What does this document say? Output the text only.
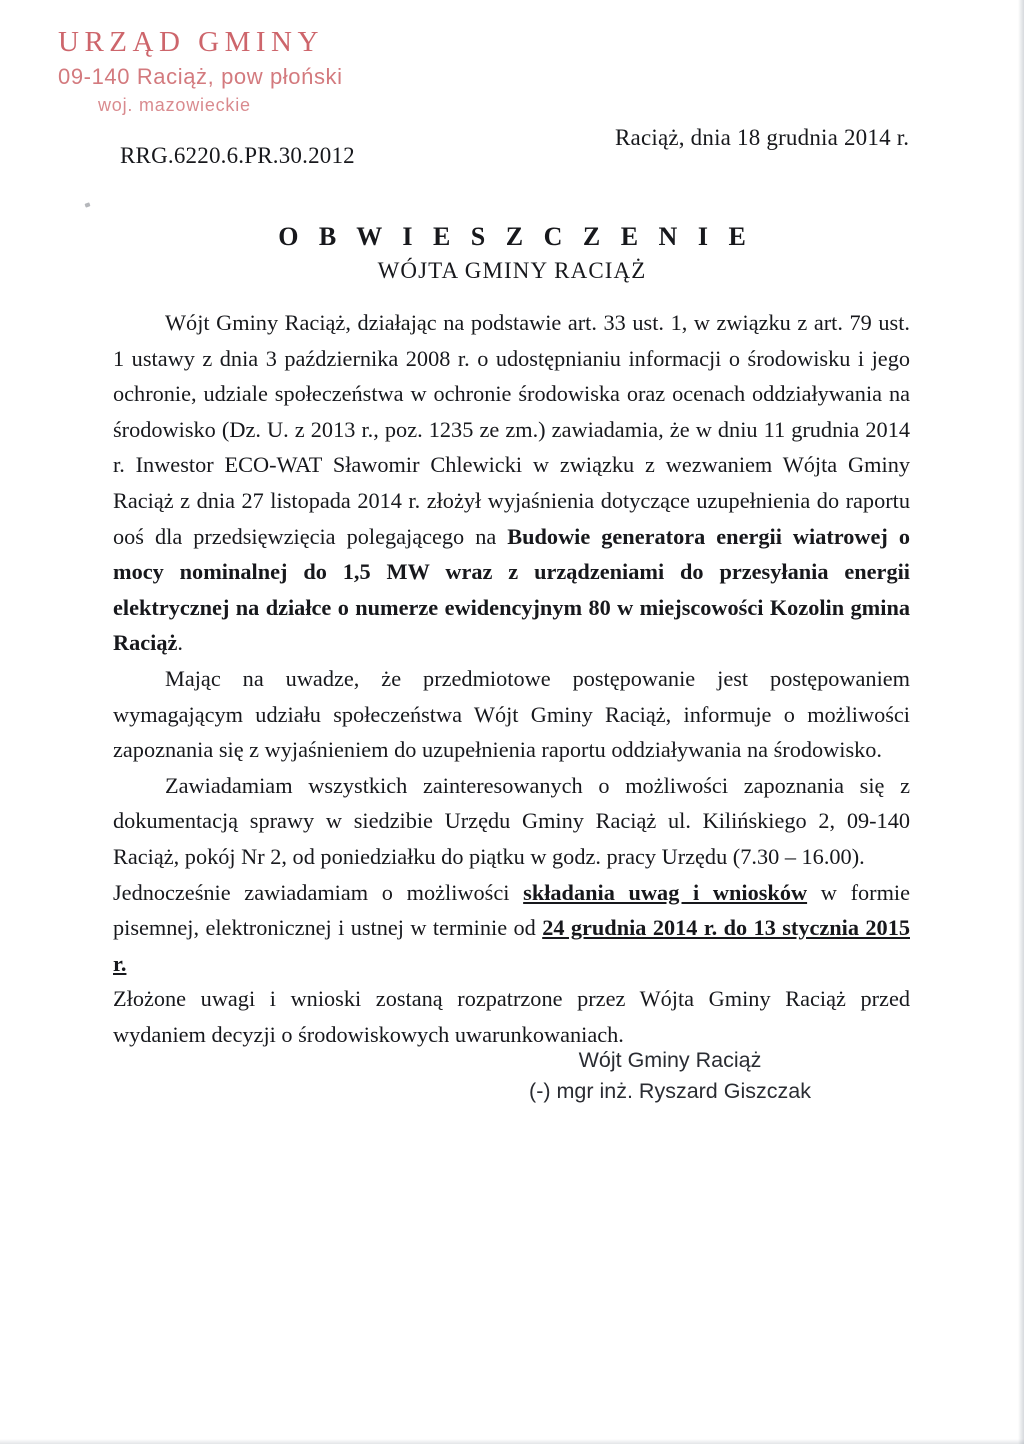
URZĄD GMINY
09-140 Raciąż, pow płoński
woj. mazowieckie
RRG.6220.6.PR.30.2012
Raciąż, dnia 18 grudnia 2014 r.
O B W I E S Z C Z E N I E
WÓJTA GMINY RACIĄŻ

Wójt Gminy Raciąż, działając na podstawie art. 33 ust. 1, w związku z art. 79 ust. 1 ustawy z dnia 3 października 2008 r. o udostępnianiu informacji o środowisku i jego ochronie, udziale społeczeństwa w ochronie środowiska oraz ocenach oddziaływania na środowisko (Dz. U. z 2013 r., poz. 1235 ze zm.) zawiadamia, że w dniu 11 grudnia 2014 r. Inwestor ECO-WAT Sławomir Chlewicki w związku z wezwaniem Wójta Gminy Raciąż z dnia 27 listopada 2014 r. złożył wyjaśnienia dotyczące uzupełnienia do raportu ooś dla przedsięwzięcia polegającego na Budowie generatora energii wiatrowej o mocy nominalnej do 1,5 MW wraz z urządzeniami do przesyłania energii elektrycznej na działce o numerze ewidencyjnym 80 w miejscowości Kozolin gmina Raciąż.

Mając na uwadze, że przedmiotowe postępowanie jest postępowaniem wymagającym udziału społeczeństwa Wójt Gminy Raciąż, informuje o możliwości zapoznania się z wyjaśnieniem do uzupełnienia raportu oddziaływania na środowisko.

Zawiadamiam wszystkich zainteresowanych o możliwości zapoznania się z dokumentacją sprawy w siedzibie Urzędu Gminy Raciąż ul. Kilińskiego 2, 09-140 Raciąż, pokój Nr 2, od poniedziałku do piątku w godz. pracy Urzędu (7.30 – 16.00).

Jednocześnie zawiadamiam o możliwości składania uwag i wniosków w formie pisemnej, elektronicznej i ustnej w terminie od 24 grudnia 2014 r. do 13 stycznia 2015 r.

Złożone uwagi i wnioski zostaną rozpatrzone przez Wójta Gminy Raciąż przed wydaniem decyzji o środowiskowych uwarunkowaniach.

Wójt Gminy Raciąż
(-) mgr inż. Ryszard Giszczak
